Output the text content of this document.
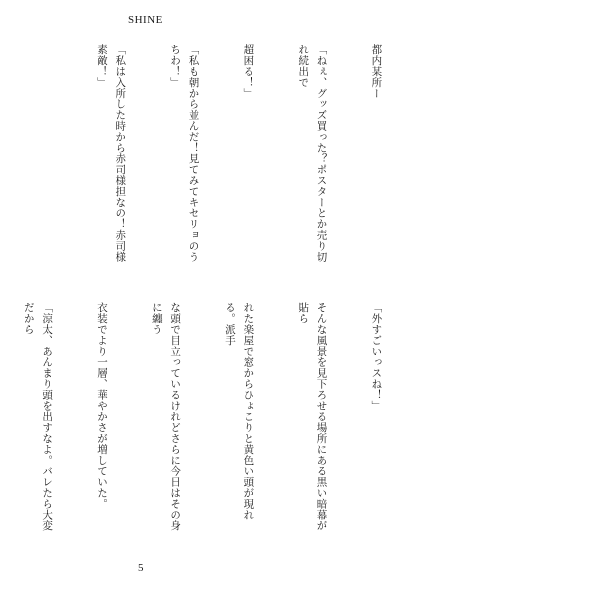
SHINE

都内某所ー

「ねぇ、グッズ買った？ポスターとか売り切れ続出で

超困る！」

「私も朝から並んだ！見てみてキセリョのうちわ！」

「私は入所した時から赤司様担なの！赤司様素敵！」

「外すごいっスね！」

そんな風景を見下ろせる場所にある黒い暗幕が貼ら

れた楽屋で窓からひょこりと黄色い頭が現れる。派手

な頭で目立っているけれどさらに今日はその身に纏う

衣装でより一層、華やかさが増していた。

「涼太、あんまり頭を出すなよ。バレたら大変だから

5
